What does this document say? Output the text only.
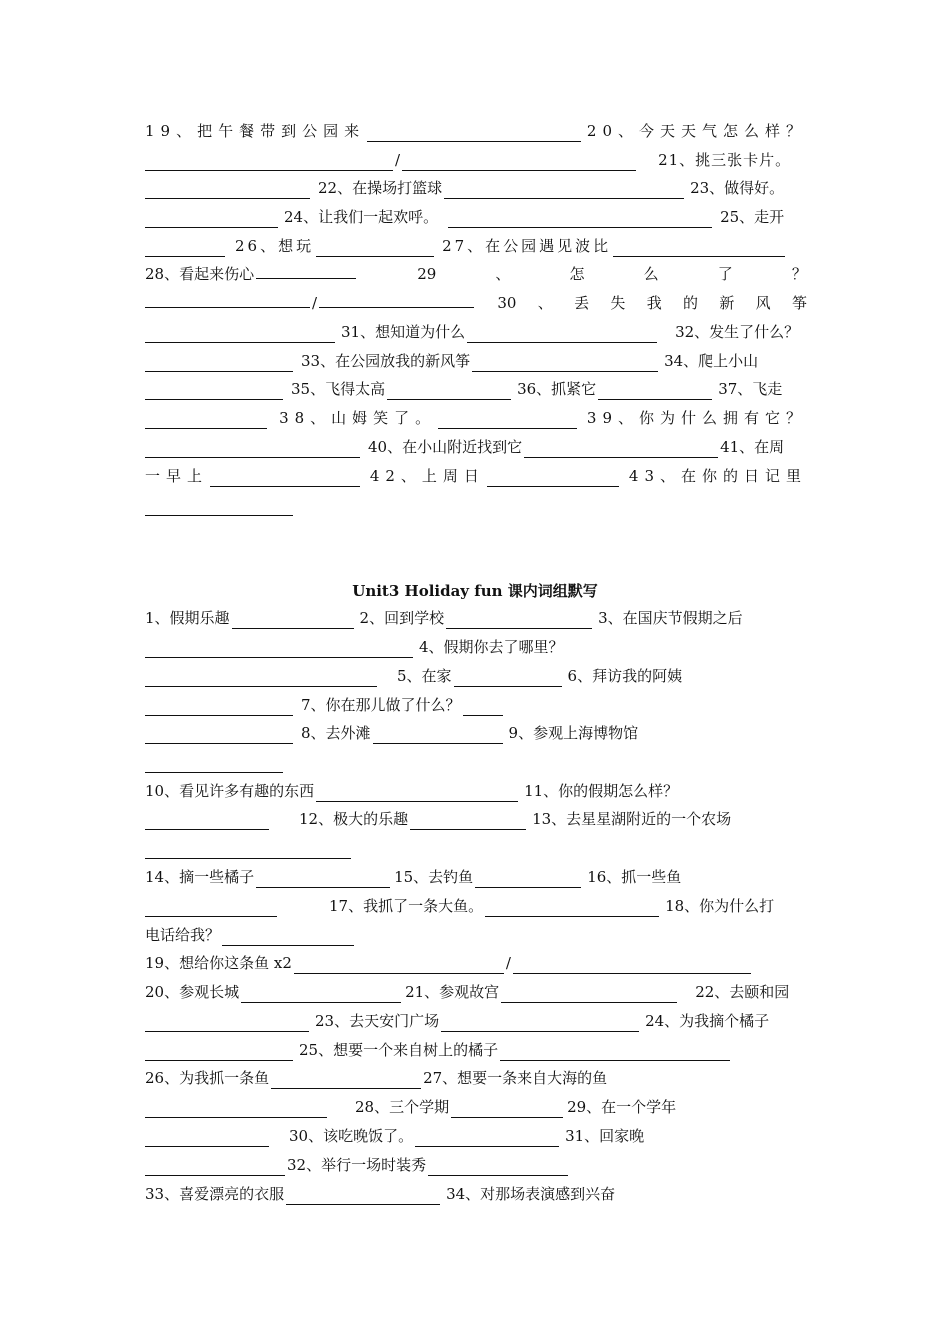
19、把午餐带到公园来	20、今天天气怎么样？
/	21、挑三张卡片。
22、在操场打篮球	23、做得好。
24、让我们一起欢呼。	25、走开
26、想玩	27、在公园遇见波比
28、看起来伤心	29	、	怎	么	了	？
/	30 、 丢 失 我 的 新 风 筝
31、想知道为什么	32、发生了什么？
33、在公园放我的新风筝	34、爬上小山
35、飞得太高	36、抓紧它	37、飞走
38、山姆笑了。	39、你为什么拥有它？
40、在小山附近找到它	41、在周
一早上	42、上周日	43、在你的日记里
Unit3 Holiday fun 课内词组默写
1、假期乐趣	2、回到学校	3、在国庆节假期之后
4、假期你去了哪里？
5、在家	6、拜访我的阿姨
7、你在那儿做了什么？
8、去外滩	9、参观上海博物馆
10、看见许多有趣的东西	11、你的假期怎么样？
12、极大的乐趣	13、去星星湖附近的一个农场
14、摘一些橘子	15、去钓鱼	16、抓一些鱼
17、我抓了一条大鱼。	18、你为什么打
电话给我？
19、想给你这条鱼 x2	/
20、参观长城	21、参观故宫	22、去颐和园
23、去天安门广场	24、为我摘个橘子
25、想要一个来自树上的橘子
26、为我抓一条鱼	27、想要一条来自大海的鱼
28、三个学期	29、在一个学年
30、该吃晚饭了。	31、回家晚
32、举行一场时装秀
33、喜爱漂亮的衣服	34、对那场表演感到兴奋
